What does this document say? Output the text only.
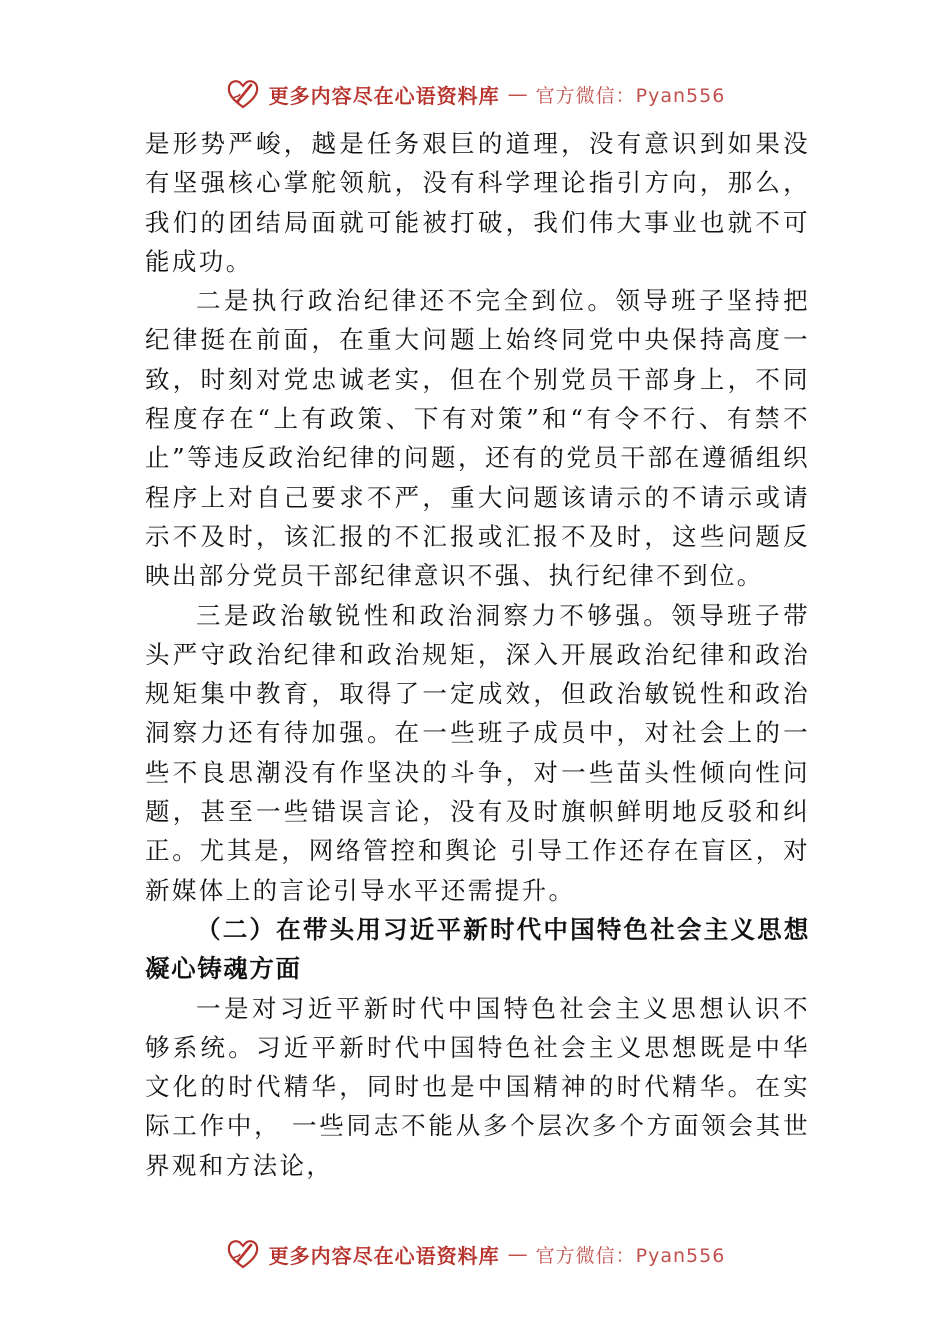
更多内容尽在心语资料库 — 官方微信：Pyan556

是形势严峻，越是任务艰巨的道理，没有意识到如果没有坚强核心掌舵领航，没有科学理论指引方向，那么，我们的团结局面就可能被打破，我们伟大事业也就不可能成功。

二是执行政治纪律还不完全到位。领导班子坚持把纪律挺在前面，在重大问题上始终同党中央保持高度一致，时刻对党忠诚老实，但在个别党员干部身上，不同程度存在“上有政策、下有对策”和“有令不行、有禁不止”等违反政治纪律的问题，还有的党员干部在遵循组织程序上对自己要求不严，重大问题该请示的不请示或请示不及时，该汇报的不汇报或汇报不及时，这些问题反映出部分党员干部纪律意识不强、执行纪律不到位。

三是政治敏锐性和政治洞察力不够强。领导班子带头严守政治纪律和政治规矩，深入开展政治纪律和政治规矩集中教育，取得了一定成效，但政治敏锐性和政治洞察力还有待加强。在一些班子成员中，对社会上的一些不良思潮没有作坚决的斗争，对一些苗头性倾向性问题，甚至一些错误言论，没有及时旗帜鲜明地反驳和纠正。尤其是，网络管控和舆论 引导工作还存在盲区，对新媒体上的言论引导水平还需提升。

（二）在带头用习近平新时代中国特色社会主义思想凝心铸魂方面

一是对习近平新时代中国特色社会主义思想认识不够系统。习近平新时代中国特色社会主义思想既是中华文化的时代精华，同时也是中国精神的时代精华。在实际工作中， 一些同志不能从多个层次多个方面领会其世界观和方法论，

更多内容尽在心语资料库 — 官方微信：Pyan556
